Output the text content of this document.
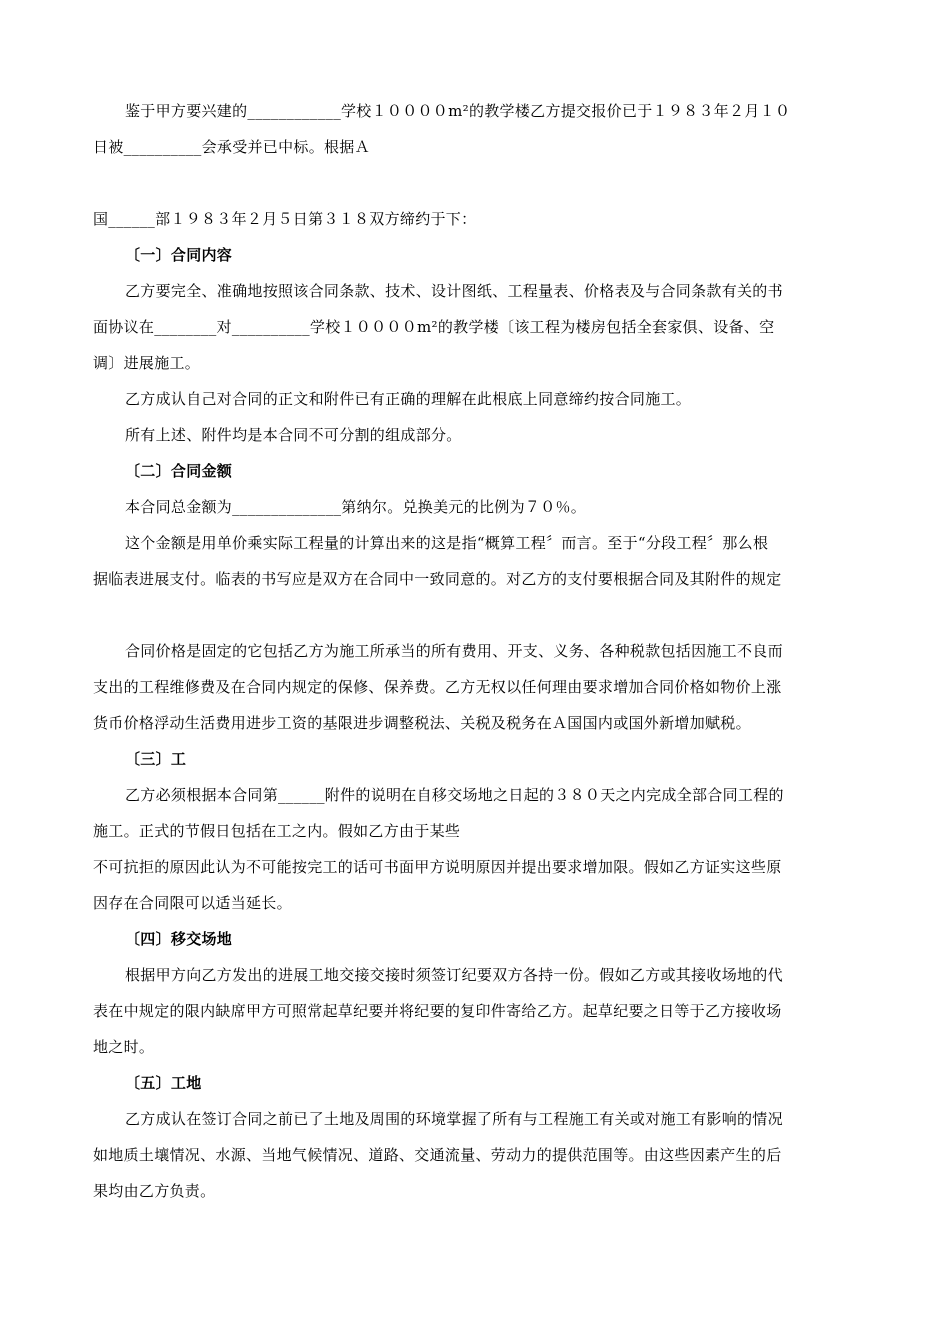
鉴于甲方要兴建的____________学校１００００m²的教学楼乙方提交报价已于１９８３年２月１０
日被__________会承受并已中标。根据Ａ
国______部１９８３年２月５日第３１８双方缔约于下：
〔一〕合同内容
乙方要完全、准确地按照该合同条款、技术、设计图纸、工程量表、价格表及与合同条款有关的书
面协议在________对__________学校１００００m²的教学楼〔该工程为楼房包括全套家俱、设备、空
调〕进展施工。
乙方成认自己对合同的正文和附件已有正确的理解在此根底上同意缔约按合同施工。
所有上述、附件均是本合同不可分割的组成部分。
〔二〕合同金额
本合同总金额为______________第纳尔。兑换美元的比例为７０％。
这个金额是用单价乘实际工程量的计算出来的这是指“概算工程〞而言。至于“分段工程〞那么根
据临表进展支付。临表的书写应是双方在合同中一致同意的。对乙方的支付要根据合同及其附件的规定
合同价格是固定的它包括乙方为施工所承当的所有费用、开支、义务、各种税款包括因施工不良而
支出的工程维修费及在合同内规定的保修、保养费。乙方无权以任何理由要求增加合同价格如物价上涨
货币价格浮动生活费用进步工资的基限进步调整税法、关税及税务在Ａ国国内或国外新增加赋税。
〔三〕工
乙方必须根据本合同第______附件的说明在自移交场地之日起的３８０天之内完成全部合同工程的
施工。正式的节假日包括在工之内。假如乙方由于某些
不可抗拒的原因此认为不可能按完工的话可书面甲方说明原因并提出要求增加限。假如乙方证实这些原
因存在合同限可以适当延长。
〔四〕移交场地
根据甲方向乙方发出的进展工地交接交接时须签订纪要双方各持一份。假如乙方或其接收场地的代
表在中规定的限内缺席甲方可照常起草纪要并将纪要的复印件寄给乙方。起草纪要之日等于乙方接收场
地之时。
〔五〕工地
乙方成认在签订合同之前已了土地及周围的环境掌握了所有与工程施工有关或对施工有影响的情况
如地质土壤情况、水源、当地气候情况、道路、交通流量、劳动力的提供范围等。由这些因素产生的后
果均由乙方负责。
